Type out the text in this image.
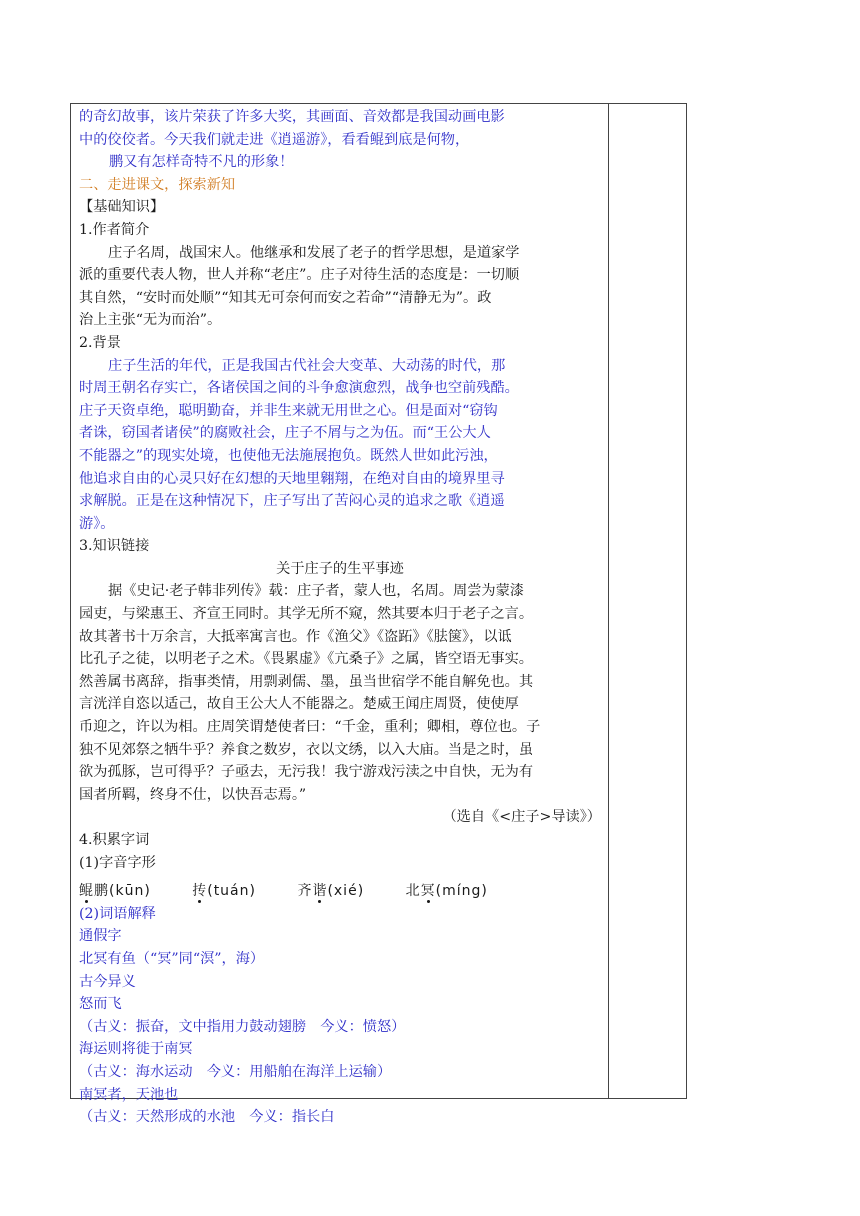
的奇幻故事，该片荣获了许多大奖，其画面、音效都是我国动画电影
中的佼佼者。今天我们就走进《逍遥游》，看看鲲到底是何物，
鹏又有怎样奇特不凡的形象！
二、走进课文，探索新知
【基础知识】
1.作者简介
庄子名周，战国宋人。他继承和发展了老子的哲学思想，是道家学
派的重要代表人物，世人并称“老庄”。庄子对待生活的态度是：一切顺
其自然，“安时而处顺”“知其无可奈何而安之若命”“清静无为”。政
治上主张“无为而治”。
2.背景
庄子生活的年代，正是我国古代社会大变革、大动荡的时代，那
时周王朝名存实亡，各诸侯国之间的斗争愈演愈烈，战争也空前残酷。
庄子天资卓绝，聪明勤奋，并非生来就无用世之心。但是面对“窃钩
者诛，窃国者诸侯”的腐败社会，庄子不屑与之为伍。而“王公大人
不能器之”的现实处境，也使他无法施展抱负。既然人世如此污浊，
他追求自由的心灵只好在幻想的天地里翱翔，在绝对自由的境界里寻
求解脱。正是在这种情况下，庄子写出了苦闷心灵的追求之歌《逍遥
游》。
3.知识链接
关于庄子的生平事迹
据《史记·老子韩非列传》载：庄子者，蒙人也，名周。周尝为蒙漆
园吏，与梁惠王、齐宣王同时。其学无所不窥，然其要本归于老子之言。
故其著书十万余言，大抵率寓言也。作《渔父》《盗跖》《胠箧》，以诋
比孔子之徒，以明老子之术。《畏累虚》《亢桑子》之属，皆空语无事实。
然善属书离辞，指事类情，用剽剥儒、墨，虽当世宿学不能自解免也。其
言洸洋自恣以适己，故自王公大人不能器之。楚威王闻庄周贤，使使厚
币迎之，许以为相。庄周笑谓楚使者曰：“千金，重利；卿相，尊位也。子
独不见郊祭之牺牛乎？养食之数岁，衣以文绣，以入大庙。当是之时，虽
欲为孤豚，岂可得乎？子亟去，无污我！我宁游戏污渎之中自快，无为有
国者所羁，终身不仕，以快吾志焉。”
（选自《<庄子>导读》）
4.积累字词
(1)字音字形
鲲鹏(kūn)	抟(tuán)	齐谐(xié)	北冥(míng)
(2)词语解释
通假字
北冥有鱼（“冥”同“溟”，海）
古今异义
怒而飞
（古义：振奋，文中指用力鼓动翅膀　今义：愤怒）
海运则将徙于南冥
（古义：海水运动　今义：用船舶在海洋上运输）
南冥者，天池也
（古义：天然形成的水池　今义：指长白
